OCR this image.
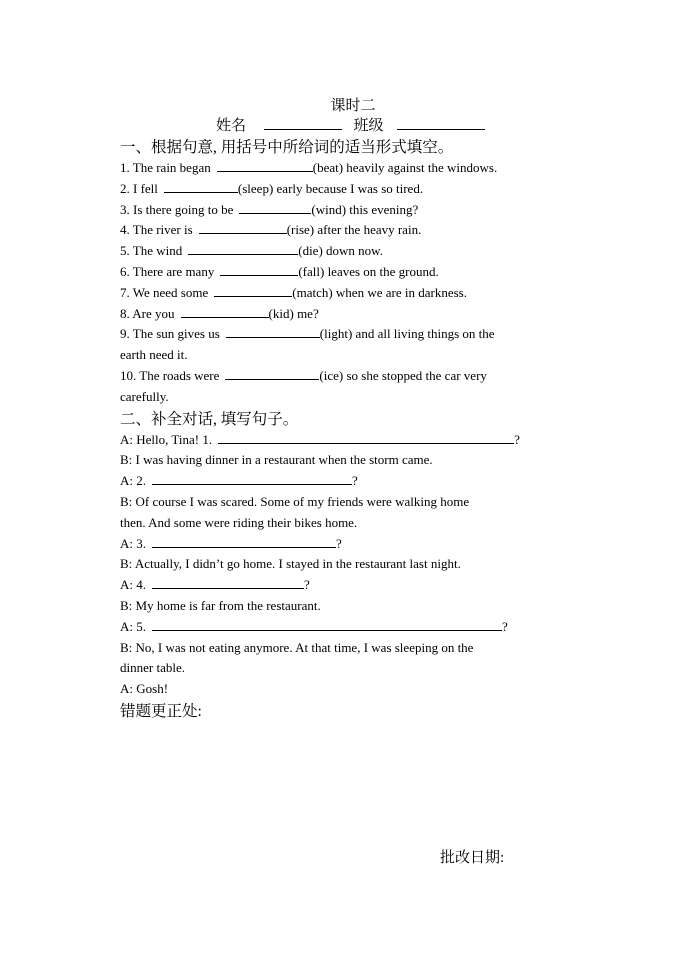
课时二
姓名	班级
一、根据句意, 用括号中所给词的适当形式填空。
1. The rain began	(beat) heavily against the windows.
2. I fell	(sleep) early because I was so tired.
3. Is there going to be	(wind) this evening?
4. The river is	(rise) after the heavy rain.
5. The wind	(die) down now.
6. There are many	(fall) leaves on the ground.
7. We need some	(match) when we are in darkness.
8. Are you	(kid) me?
9. The sun gives us	(light) and all living things on the
earth need it.
10. The roads were	(ice) so she stopped the car very
carefully.
二、补全对话, 填写句子。
A: Hello, Tina! 1.	?
B: I was having dinner in a restaurant when the storm came.
A: 2.	?
B: Of course I was scared. Some of my friends were walking home
then. And some were riding their bikes home.
A: 3.	?
B: Actually, I didn’t go home. I stayed in the restaurant last night.
A: 4.	?
B: My home is far from the restaurant.
A: 5.	?
B: No, I was not eating anymore. At that time, I was sleeping on the
dinner table.
A: Gosh!
错题更正处:
批改日期:
